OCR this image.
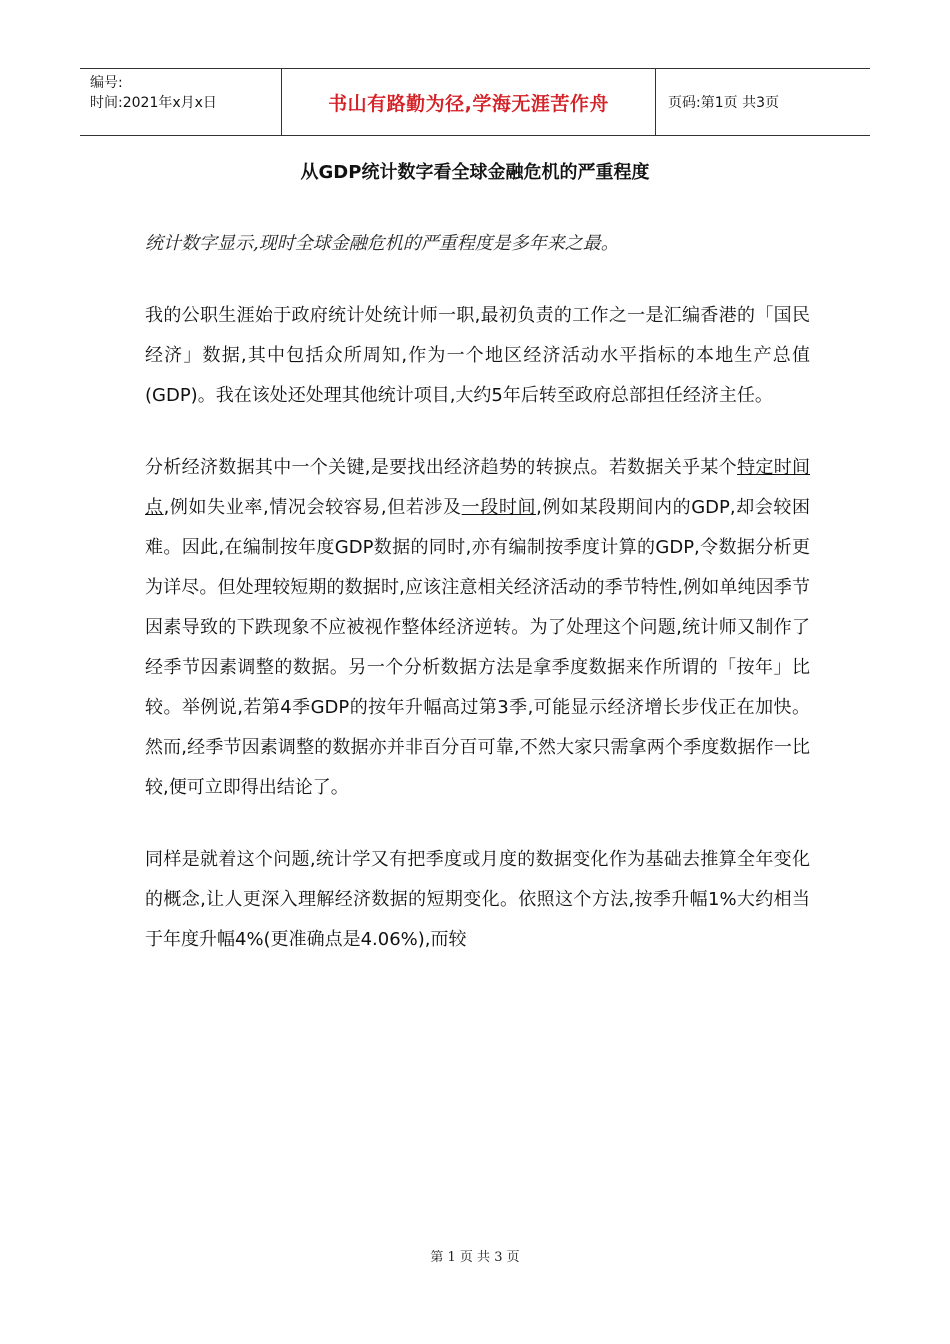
编号:
时间:2021年x月x日	书山有路勤为径,学海无涯苦作舟	页码:第1页 共3页
从GDP统计数字看全球金融危机的严重程度

统计数字显示,现时全球金融危机的严重程度是多年来之最。

我的公职生涯始于政府统计处统计师一职,最初负责的工作之一是汇编香港的「国民经济」数据,其中包括众所周知,作为一个地区经济活动水平指标的本地生产总值(GDP)。我在该处还处理其他统计项目,大约5年后转至政府总部担任经济主任。

分析经济数据其中一个关键,是要找出经济趋势的转捩点。若数据关乎某个特定时间点,例如失业率,情况会较容易,但若涉及一段时间,例如某段期间内的GDP,却会较困难。因此,在编制按年度GDP数据的同时,亦有编制按季度计算的GDP,令数据分析更为详尽。但处理较短期的数据时,应该注意相关经济活动的季节特性,例如单纯因季节因素导致的下跌现象不应被视作整体经济逆转。为了处理这个问题,统计师又制作了经季节因素调整的数据。另一个分析数据方法是拿季度数据来作所谓的「按年」比较。举例说,若第4季GDP的按年升幅高过第3季,可能显示经济增长步伐正在加快。然而,经季节因素调整的数据亦并非百分百可靠,不然大家只需拿两个季度数据作一比较,便可立即得出结论了。

同样是就着这个问题,统计学又有把季度或月度的数据变化作为基础去推算全年变化的概念,让人更深入理解经济数据的短期变化。依照这个方法,按季升幅1%大约相当于年度升幅4%(更准确点是4.06%),而较

第 1 页 共 3 页
